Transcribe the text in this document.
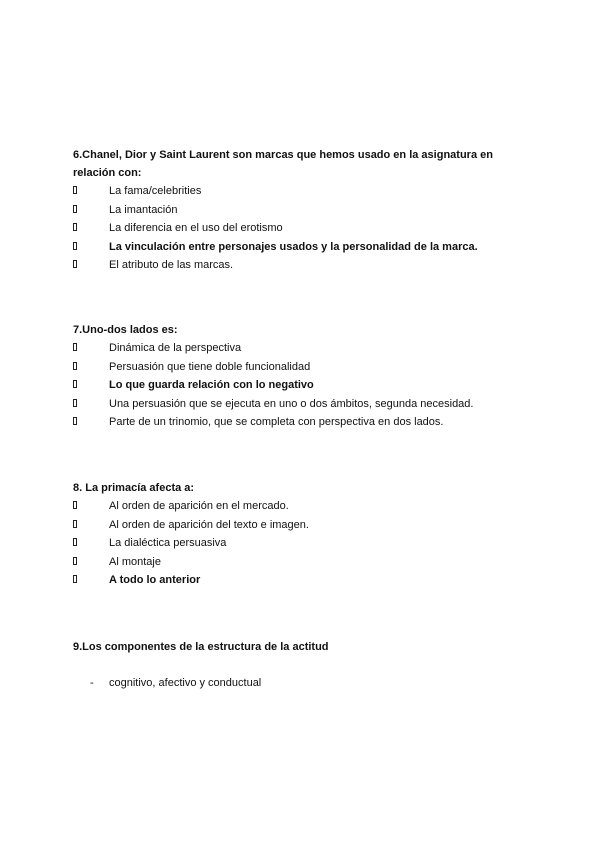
6.Chanel, Dior y Saint Laurent son marcas que hemos usado en la asignatura en relación con:

La fama/celebrities
La imantación
La diferencia en el uso del erotismo
La vinculación entre personajes usados y la personalidad de la marca.
El atributo de las marcas.

7.Uno-dos lados es:

Dinámica de la perspectiva
Persuasión que tiene doble funcionalidad
Lo que guarda relación con lo negativo
Una persuasión que se ejecuta en uno o dos ámbitos, segunda necesidad.
Parte de un trinomio, que se completa con perspectiva en dos lados.

8. La primacía afecta a:

Al orden de aparición en el mercado.
Al orden de aparición del texto e imagen.
La dialéctica persuasiva
Al montaje
A todo lo anterior

9.Los componentes de la estructura de la actitud

- cognitivo, afectivo y conductual
